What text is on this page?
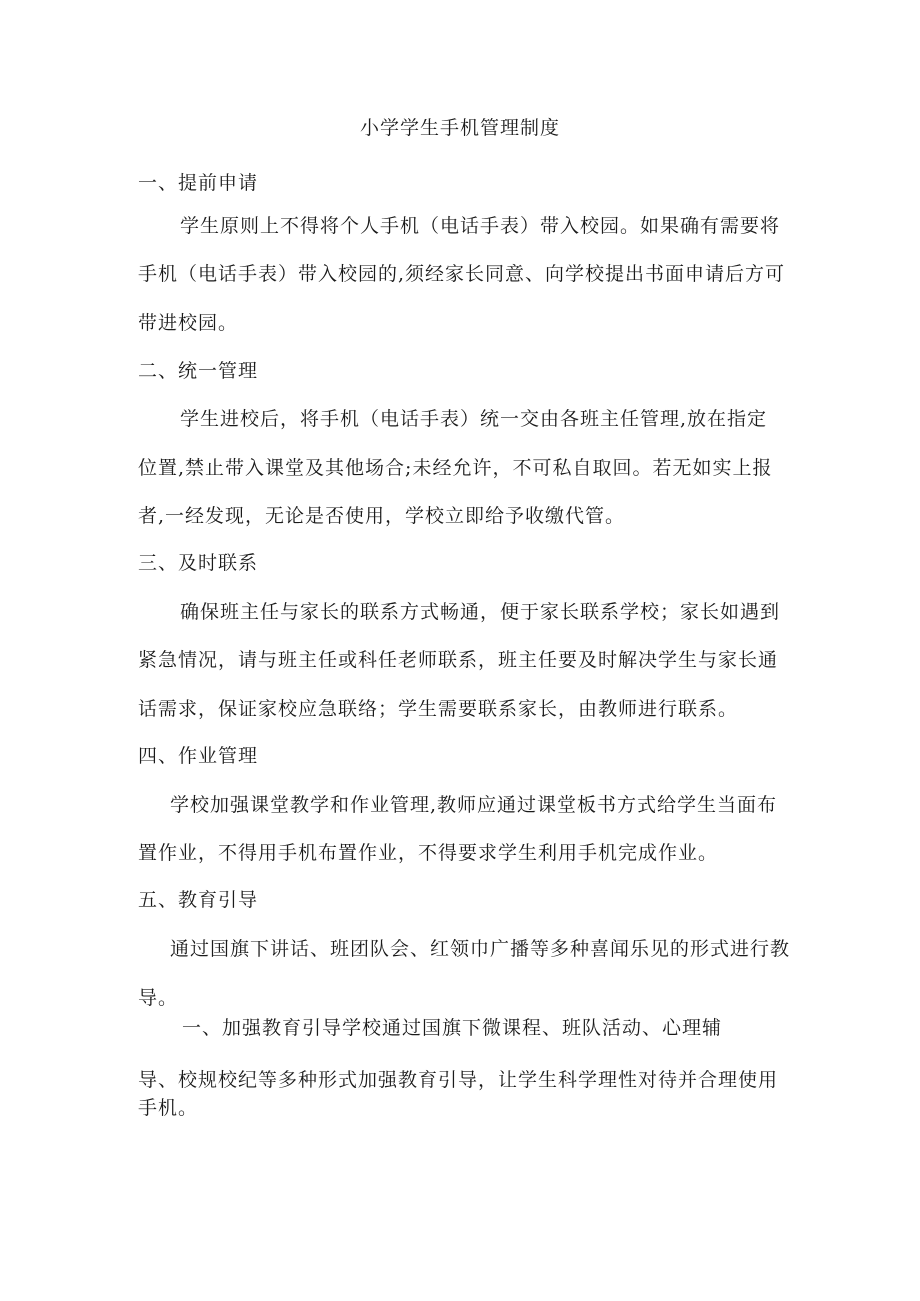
小学学生手机管理制度
一、提前申请
学生原则上不得将个人手机（电话手表）带入校园。如果确有需要将
手机（电话手表）带入校园的,须经家长同意、向学校提出书面申请后方可
带进校园。
二、统一管理
学生进校后，将手机（电话手表）统一交由各班主任管理,放在指定
位置,禁止带入课堂及其他场合;未经允许，不可私自取回。若无如实上报
者,一经发现，无论是否使用，学校立即给予收缴代管。
三、及时联系
确保班主任与家长的联系方式畅通，便于家长联系学校；家长如遇到
紧急情况，请与班主任或科任老师联系，班主任要及时解决学生与家长通
话需求，保证家校应急联络；学生需要联系家长，由教师进行联系。
四、作业管理
学校加强课堂教学和作业管理,教师应通过课堂板书方式给学生当面布
置作业，不得用手机布置作业，不得要求学生利用手机完成作业。
五、教育引导
通过国旗下讲话、班团队会、红领巾广播等多种喜闻乐见的形式进行教
导。
一、加强教育引导学校通过国旗下微课程、班队活动、心理辅
导、校规校纪等多种形式加强教育引导，让学生科学理性对待并合理使用
手机。
